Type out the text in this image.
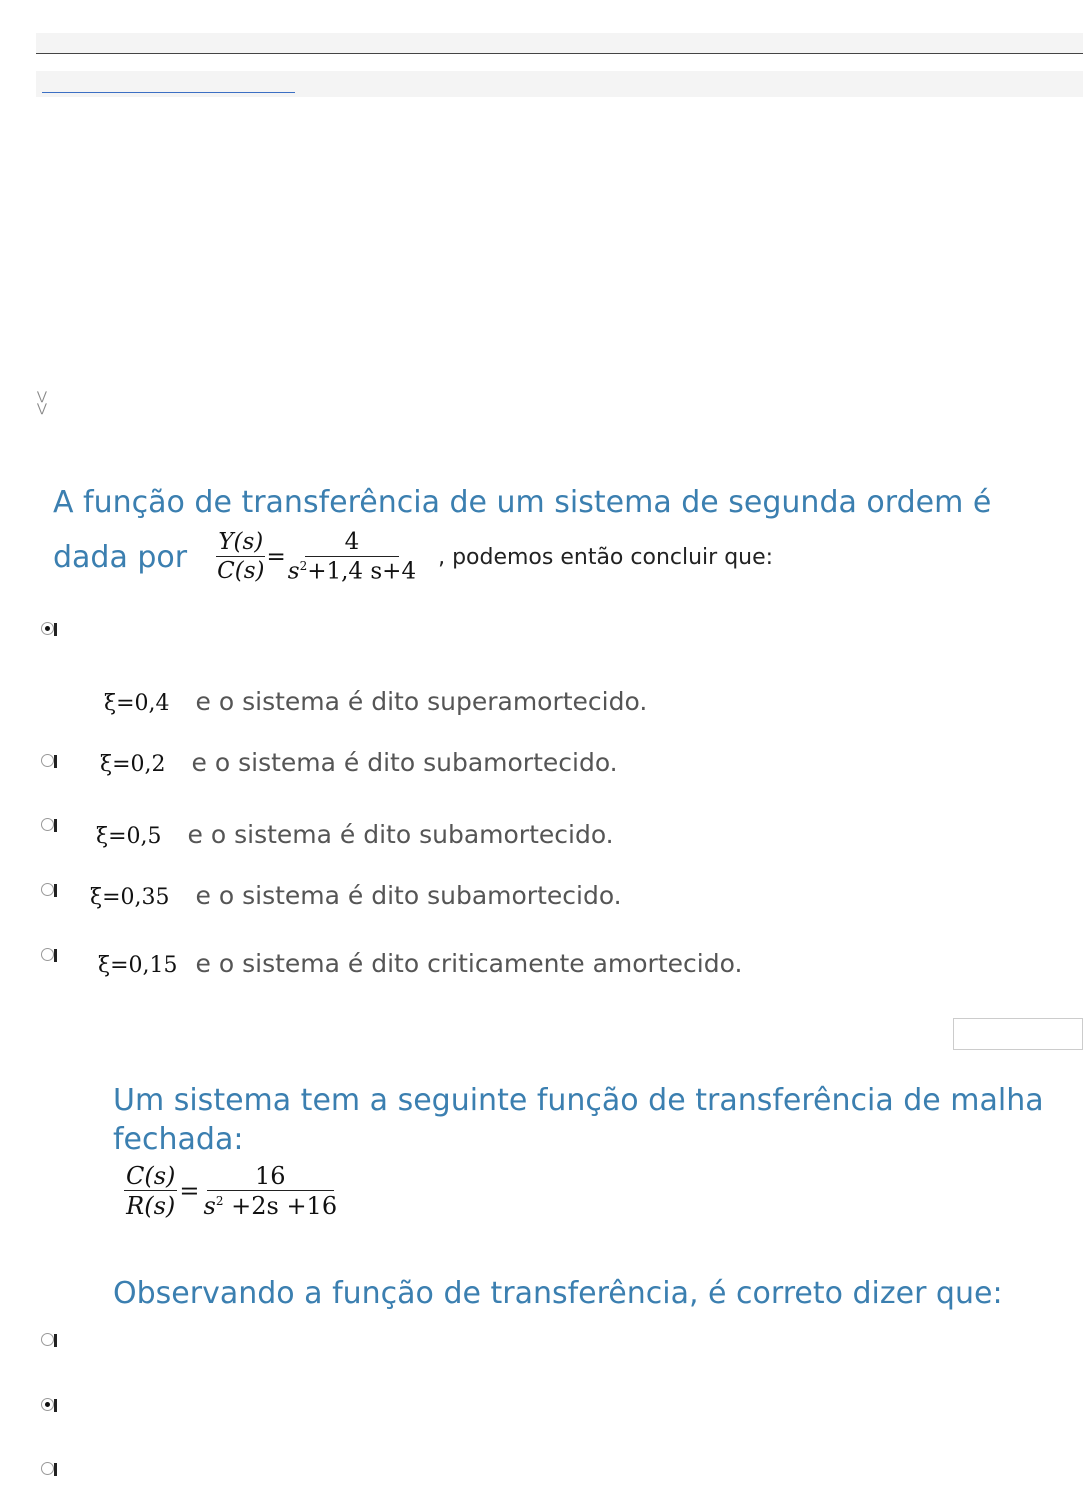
⋁
⋁
A função de transferência de um sistema de segunda ordem é
dada por $\frac{Y(s)}{C(s)} = \frac{4}{s^2+1,4 s+4}$ , podemos então concluir que:
ξ=0,4 e o sistema é dito superamortecido.
ξ=0,2 e o sistema é dito subamortecido.
ξ=0,5 e o sistema é dito subamortecido.
ξ=0,35 e o sistema é dito subamortecido.
ξ=0,15 e o sistema é dito criticamente amortecido.
Um sistema tem a seguinte função de transferência de malha
fechada:
$\frac{C(s)}{R(s)} = \frac{16}{s^2 +2s +16}$
Observando a função de transferência, é correto dizer que:
